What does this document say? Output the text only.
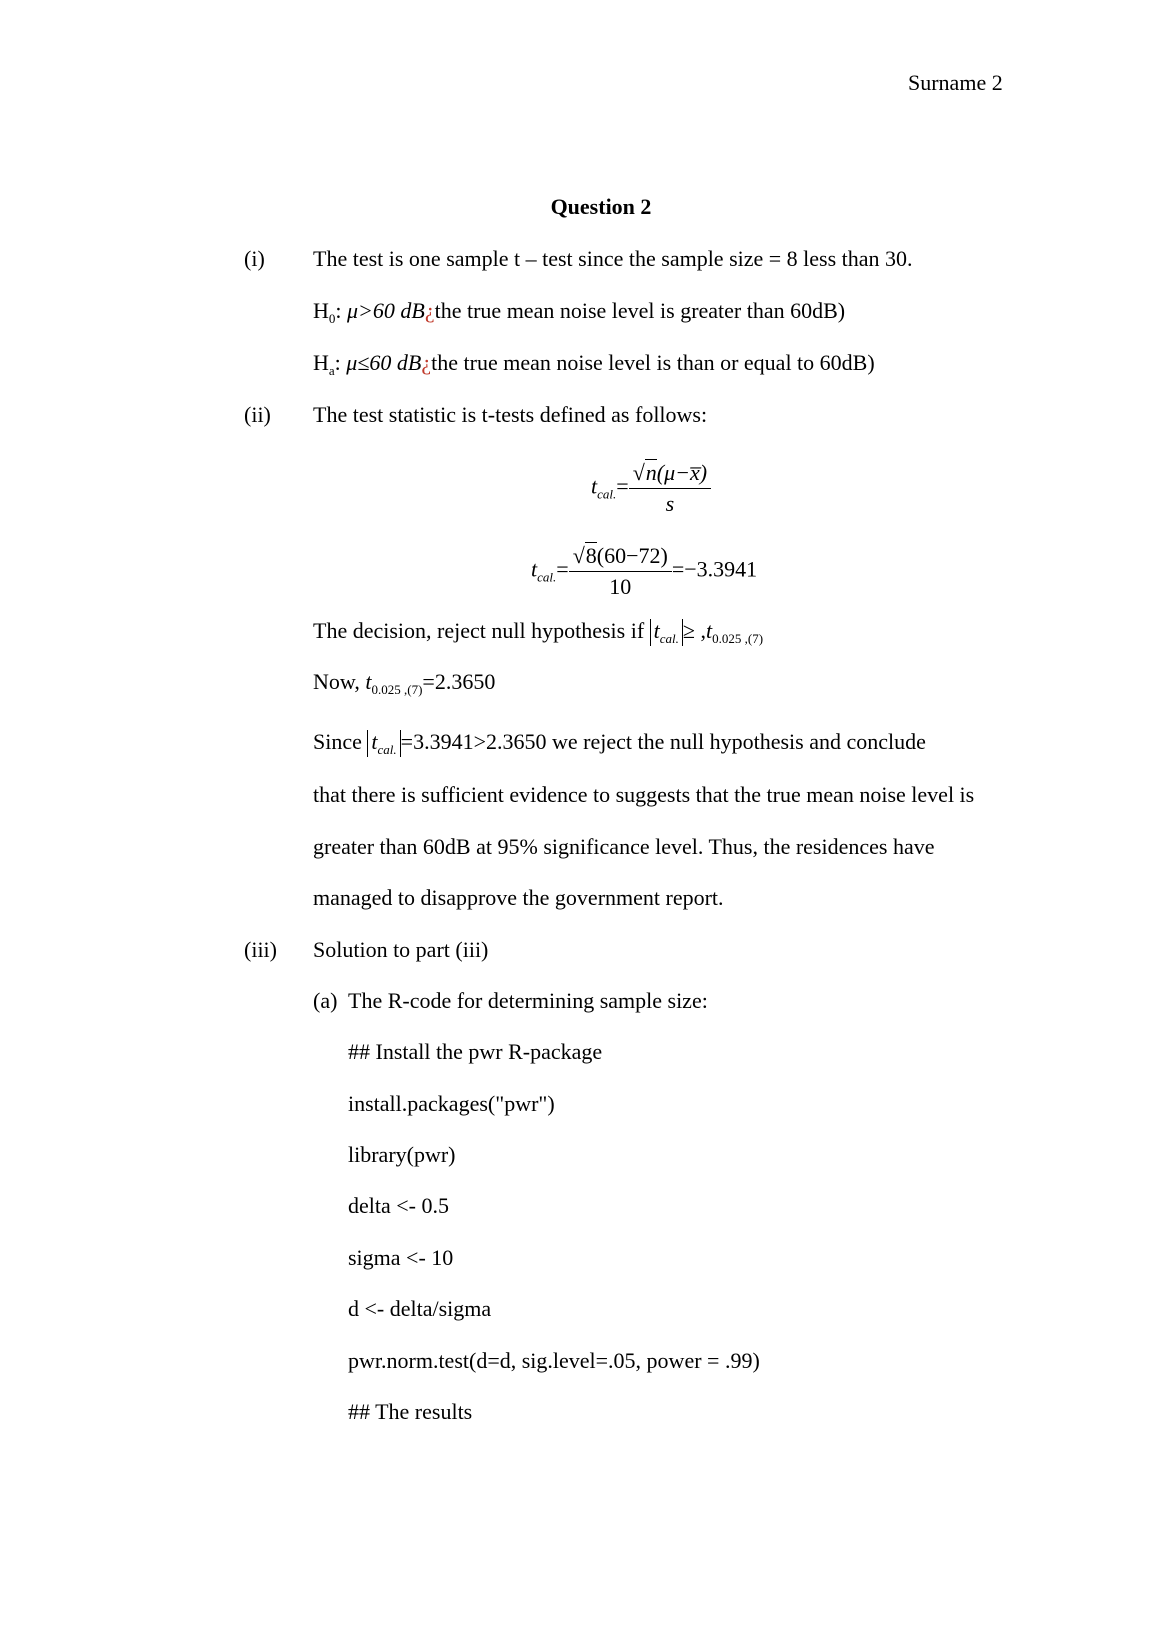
Surname 2
Question 2
(i) The test is one sample t – test since the sample size = 8 less than 30.
$H_0$: μ>60 dB¿the true mean noise level is greater than 60dB)
$H_a$: μ≤60 dB¿the true mean noise level is than or equal to 60dB)
(ii) The test statistic is t-tests defined as follows:
$t_{cal.}= \frac{√n(\mu-x̅)}{s}$
$t_{cal.}= \frac{√8(60-72)}{10} =-3.3941$
The decision, reject null hypothesis if $t_{cal.} \ge ,t_{0.025 ,(7)}$
Now, $t_{0.025 ,(7)}=2.3650$
Since $t_{cal.} =3.3941>2.3650$ we reject the null hypothesis and conclude
that there is sufficient evidence to suggests that the true mean noise level is
greater than 60dB at 95% significance level. Thus, the residences have
managed to disapprove the government report.
(iii) Solution to part (iii)
(a) The R-code for determining sample size:
## Install the pwr R-package
install.packages("pwr")
library(pwr)
delta <- 0.5
sigma <- 10
d <- delta/sigma
pwr.norm.test(d=d, sig.level=.05, power = .99)
## The results
